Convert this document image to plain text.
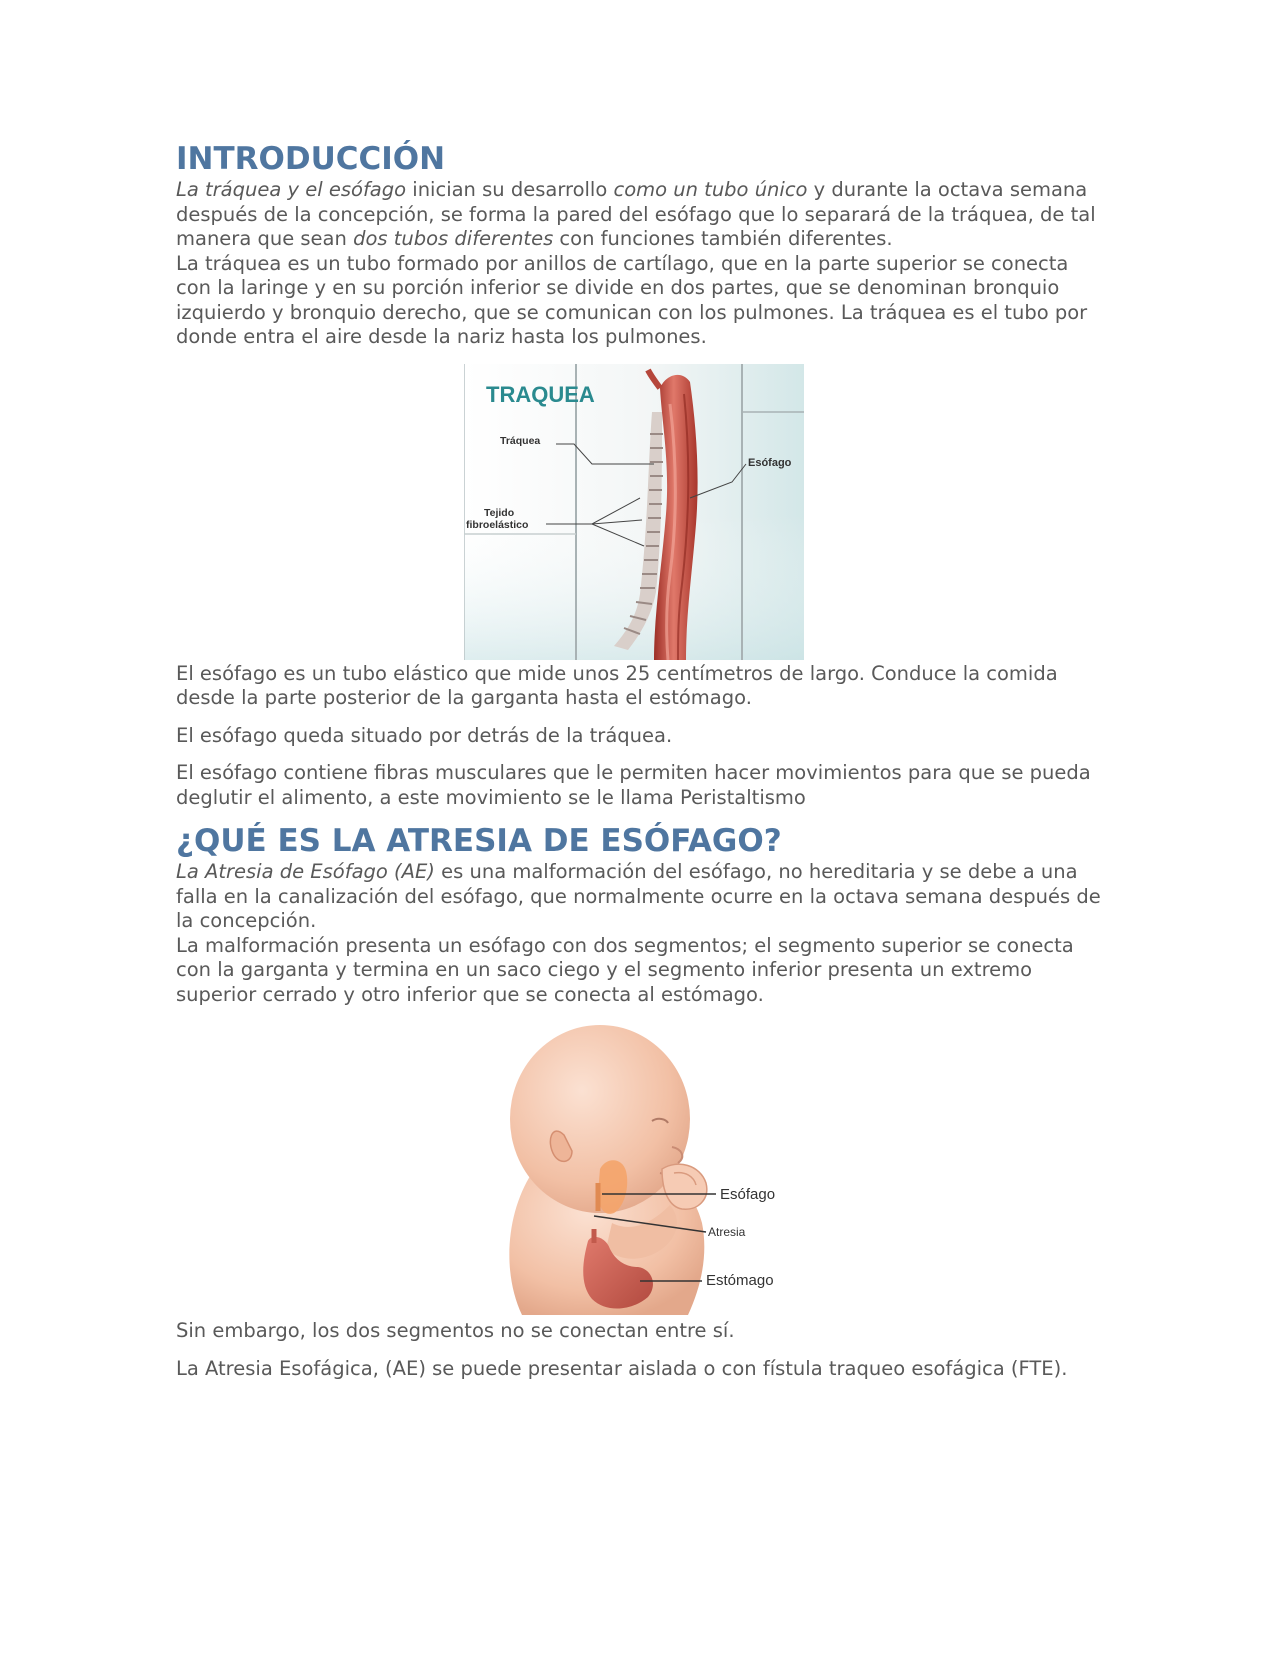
INTRODUCCIÓN

La tráquea y el esófago inician su desarrollo como un tubo único y durante la octava semana después de la concepción, se forma la pared del esófago que lo separará de la tráquea, de tal manera que sean dos tubos diferentes con funciones también diferentes.

La tráquea es un tubo formado por anillos de cartílago, que en la parte superior se conecta con la laringe y en su porción inferior se divide en dos partes, que se denominan bronquio izquierdo y bronquio derecho, que se comunican con los pulmones. La tráquea es el tubo por donde entra el aire desde la nariz hasta los pulmones.

TRAQUEA
Tráquea
Tejido
fibroelástico
Esófago

El esófago es un tubo elástico que mide unos 25 centímetros de largo. Conduce la comida desde la parte posterior de la garganta hasta el estómago.

El esófago queda situado por detrás de la tráquea.

El esófago contiene fibras musculares que le permiten hacer movimientos para que se pueda deglutir el alimento, a este movimiento se le llama Peristaltismo

¿QUÉ ES LA ATRESIA DE ESÓFAGO?

La Atresia de Esófago (AE) es una malformación del esófago, no hereditaria y se debe a una falla en la canalización del esófago, que normalmente ocurre en la octava semana después de la concepción.

La malformación presenta un esófago con dos segmentos; el segmento superior se conecta con la garganta y termina en un saco ciego y el segmento inferior presenta un extremo superior cerrado y otro inferior que se conecta al estómago.

Esófago
Atresia
Estómago

Sin embargo, los dos segmentos no se conectan entre sí.

La Atresia Esofágica, (AE) se puede presentar aislada o con fístula traqueo esofágica (FTE).
